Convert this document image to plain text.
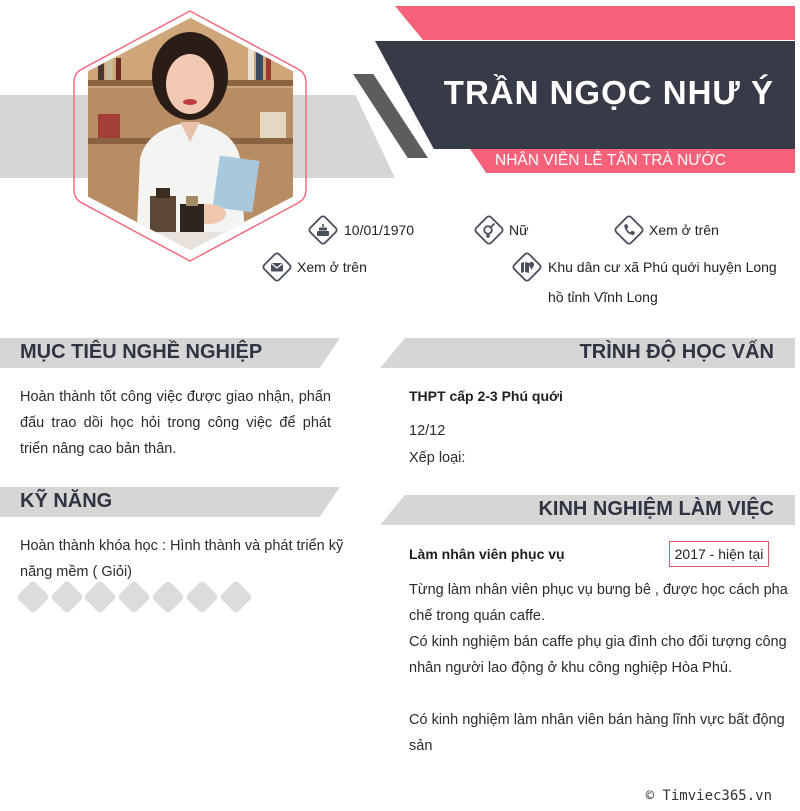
TRẦN NGỌC NHƯ Ý
NHÂN VIÊN LỄ TÂN TRÀ NƯỚC
10/01/1970	Nữ	Xem ở trên
Xem ở trên	Khu dân cư xã Phú quới huyện Long
hồ tỉnh Vĩnh Long
MỤC TIÊU NGHỀ NGHIỆP
Hoàn thành tốt công việc được giao nhận, phấn đấu trao dồi học hỏi trong công việc để phát triển nâng cao bản thân.
KỸ NĂNG
Hoàn thành khóa học : Hình thành và phát triển kỹ
năng mềm ( Giỏi)
TRÌNH ĐỘ HỌC VẤN
THPT cấp 2-3 Phú quới
12/12
Xếp loại:
KINH NGHIỆM LÀM VIỆC
Làm nhân viên phục vụ	2017 - hiện tại
Từng làm nhân viên phục vụ bưng bê , được học cách pha
chế trong quán caffe.
Có kinh nghiệm bán caffe phụ gia đình cho đối tượng công
nhân người lao động ở khu công nghiệp Hòa Phú.
Có kinh nghiệm làm nhân viên bán hàng lĩnh vực bất động
sản
© Timviec365.vn
